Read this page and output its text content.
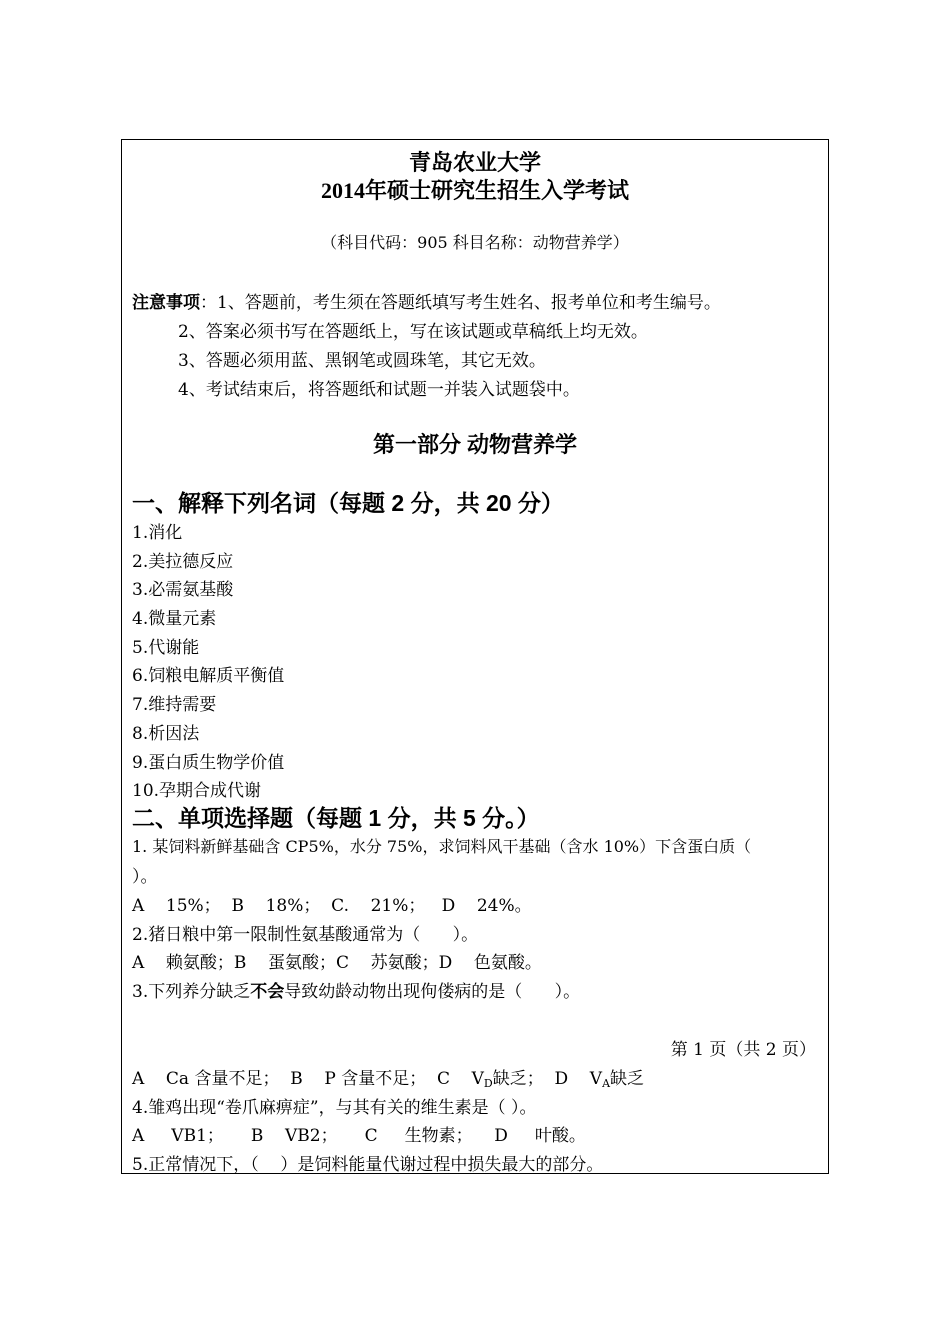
青岛农业大学
2014年硕士研究生招生入学考试
（科目代码：905 科目名称：动物营养学）
注意事项：1、答题前，考生须在答题纸填写考生姓名、报考单位和考生编号。
2、答案必须书写在答题纸上，写在该试题或草稿纸上均无效。
3、答题必须用蓝、黑钢笔或圆珠笔，其它无效。
4、考试结束后，将答题纸和试题一并装入试题袋中。
第一部分 动物营养学
一、解释下列名词（每题 2 分，共 20 分）
1.消化
2.美拉德反应
3.必需氨基酸
4.微量元素
5.代谢能
6.饲粮电解质平衡值
7.维持需要
8.析因法
9.蛋白质生物学价值
10.孕期合成代谢
二、单项选择题（每题 1 分，共 5 分。）
1. 某饲料新鲜基础含 CP5%，水分 75%，求饲料风干基础（含水 10%）下含蛋白质（
）。
A    15%；  B    18%；  C.    21%；   D    24%。
2.猪日粮中第一限制性氨基酸通常为（      ）。
A    赖氨酸；B    蛋氨酸；C    苏氨酸；D    色氨酸。
3.下列养分缺乏不会导致幼龄动物出现佝偻病的是（      ）。
第 1 页（共 2 页）
A    Ca 含量不足；  B    P 含量不足；  C    $V_D$缺乏；  D    $V_A$缺乏
4.雏鸡出现“卷爪麻痹症”，与其有关的维生素是（ ）。
A     VB1；     B    VB2；     C     生物素；    D     叶酸。
5.正常情况下，（    ）是饲料能量代谢过程中损失最大的部分。
